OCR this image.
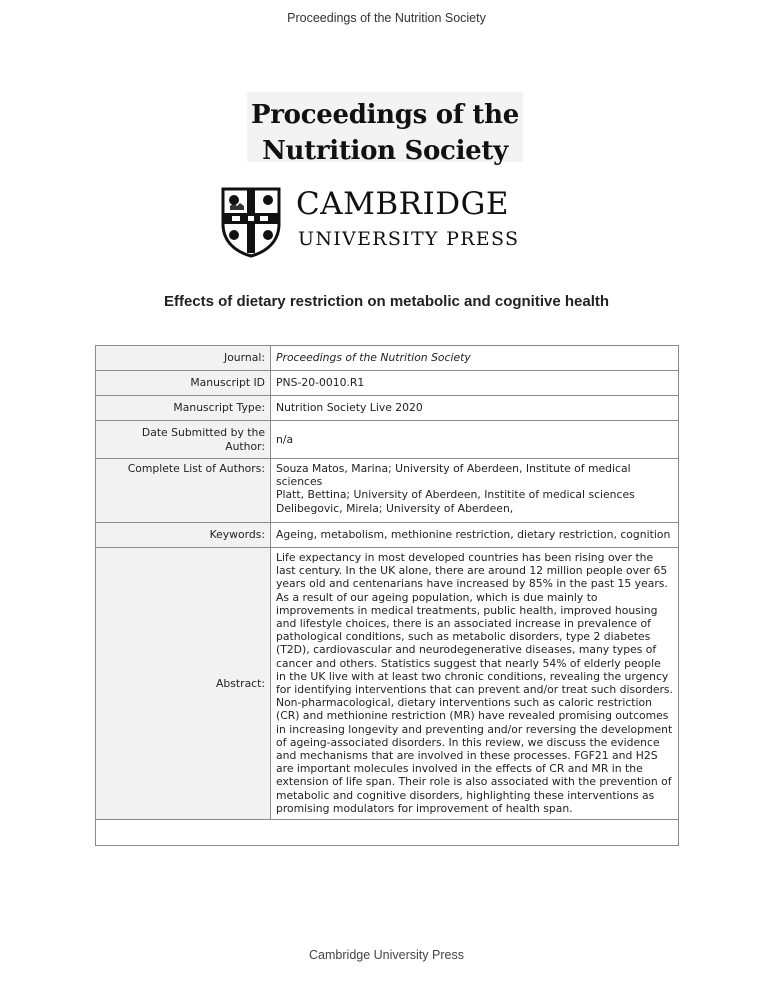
Proceedings of the Nutrition Society
Proceedings of the
Nutrition Society
CAMBRIDGE
UNIVERSITY PRESS
Effects of dietary restriction on metabolic and cognitive health
Journal:	Proceedings of the Nutrition Society
Manuscript ID	PNS-20-0010.R1
Manuscript Type:	Nutrition Society Live 2020
Date Submitted by the Author:	n/a
Complete List of Authors:	Souza Matos, Marina; University of Aberdeen, Institute of medical sciences
Platt, Bettina; University of Aberdeen, Institite of medical sciences
Delibegovic, Mirela; University of Aberdeen,

Keywords:	Ageing, metabolism, methionine restriction, dietary restriction, cognition
Abstract:	Life expectancy in most developed countries has been rising over the last century. In the UK alone, there are around 12 million people over 65 years old and centenarians have increased by 85% in the past 15 years. As a result of our ageing population, which is due mainly to improvements in medical treatments, public health, improved housing and lifestyle choices, there is an associated increase in prevalence of pathological conditions, such as metabolic disorders, type 2 diabetes (T2D), cardiovascular and neurodegenerative diseases, many types of cancer and others. Statistics suggest that nearly 54% of elderly people in the UK live with at least two chronic conditions, revealing the urgency for identifying interventions that can prevent and/or treat such disorders. Non-pharmacological, dietary interventions such as caloric restriction (CR) and methionine restriction (MR) have revealed promising outcomes in increasing longevity and preventing and/or reversing the development of ageing-associated disorders. In this review, we discuss the evidence and mechanisms that are involved in these processes. FGF21 and H2S are important molecules involved in the effects of CR and MR in the extension of life span. Their role is also associated with the prevention of metabolic and cognitive disorders, highlighting these interventions as promising modulators for improvement of health span.

Cambridge University Press
